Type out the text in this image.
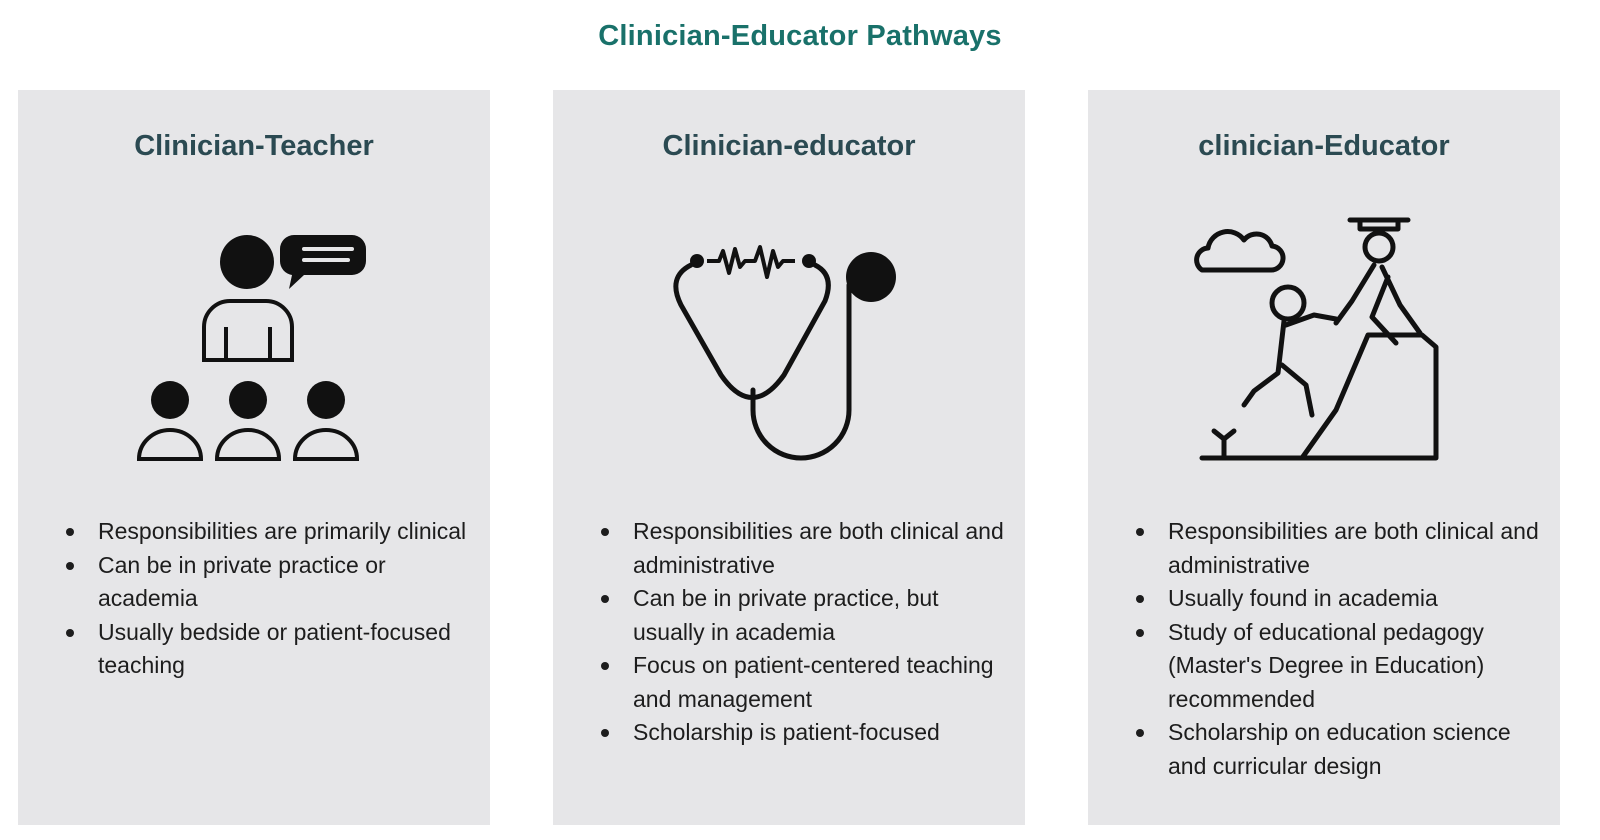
Clinician-Educator Pathways
Clinician-Teacher
Responsibilities are primarily clinical
Can be in private practice or academia
Usually bedside or patient-focused teaching
Clinician-educator
Responsibilities are both clinical and administrative
Can be in private practice, but usually in academia
Focus on patient-centered teaching and management
Scholarship is patient-focused
clinician-Educator
Responsibilities are both clinical and administrative
Usually found in academia
Study of educational pedagogy (Master's Degree in Education) recommended
Scholarship on education science and curricular design
